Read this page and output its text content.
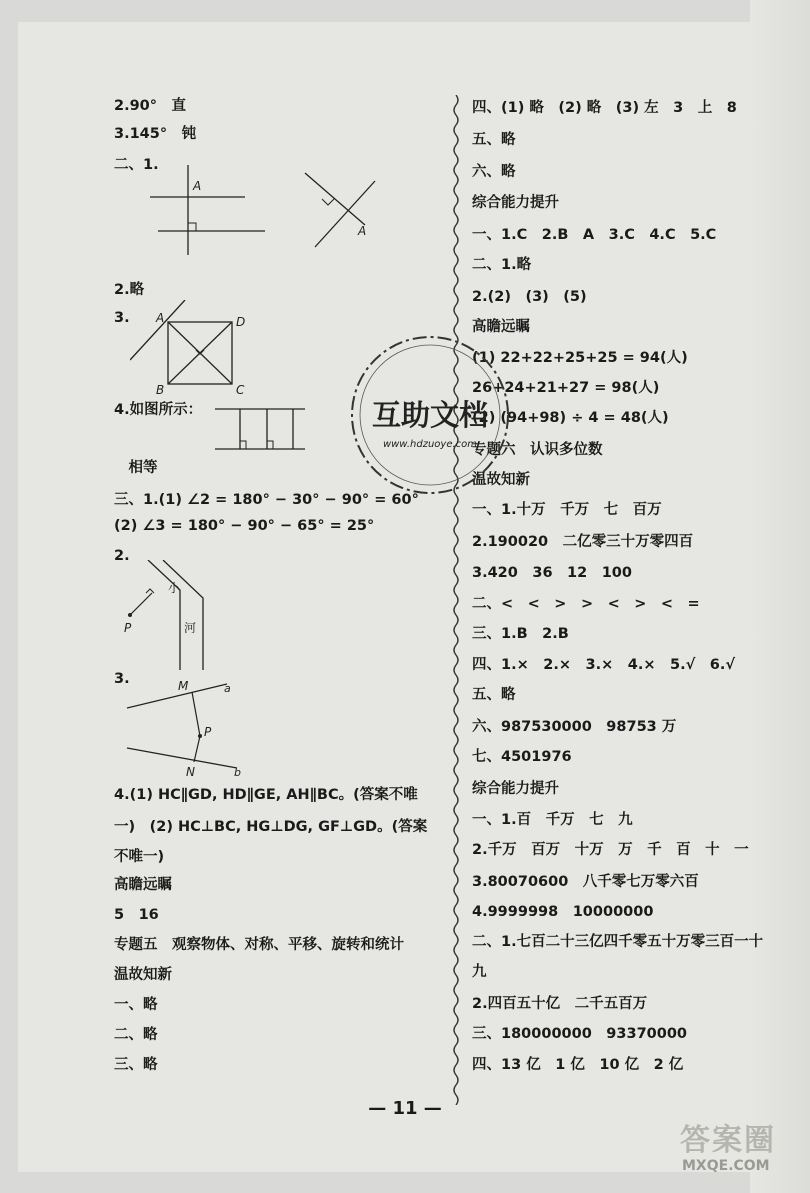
2.90°　直
3.145°　钝
二、1.
2.略
3.
4.如图所示：
　相等
三、1.(1) ∠2 = 180° − 30° − 90° = 60°
(2) ∠3 = 180° − 90° − 65° = 25°
2.
3.
4.(1) HC∥GD, HD∥GE, AH∥BC。(答案不唯
一)　(2) HC⊥BC, HG⊥DG, GF⊥GD。(答案
不唯一)
高瞻远瞩
5　16
专题五　观察物体、对称、平移、旋转和统计
温故知新
一、略
二、略
三、略
四、(1) 略　(2) 略　(3) 左　3　上　8
五、略
六、略
综合能力提升
一、1.C　2.B　A　3.C　4.C　5.C
二、1.略
2.(2)　(3)　(5)
高瞻远瞩
(1) 22+22+25+25 = 94(人)
26+24+21+27 = 98(人)
(2) (94+98) ÷ 4 = 48(人)
专题六　认识多位数
温故知新
一、1.十万　千万　七　百万
2.190020　二亿零三十万零四百
3.420　36　12　100
二、<　<　>　>　<　>　<　=
三、1.B　2.B
四、1.×　2.×　3.×　4.×　5.√　6.√
五、略
六、987530000　98753 万
七、4501976
综合能力提升
一、1.百　千万　七　九
2.千万　百万　十万　万　千　百　十　一
3.80070600　八千零七万零六百
4.9999998　10000000
二、1.七百二十三亿四千零五十万零三百一十
九
2.四百五十亿　二千五百万
三、180000000　93370000
四、13 亿　1 亿　10 亿　2 亿
A
A
A	D
B	C
P
小
河
M	a
P
N	b
互助文档
www.hdzuoye.com
— 11 —
答案圈
MXQE.COM
